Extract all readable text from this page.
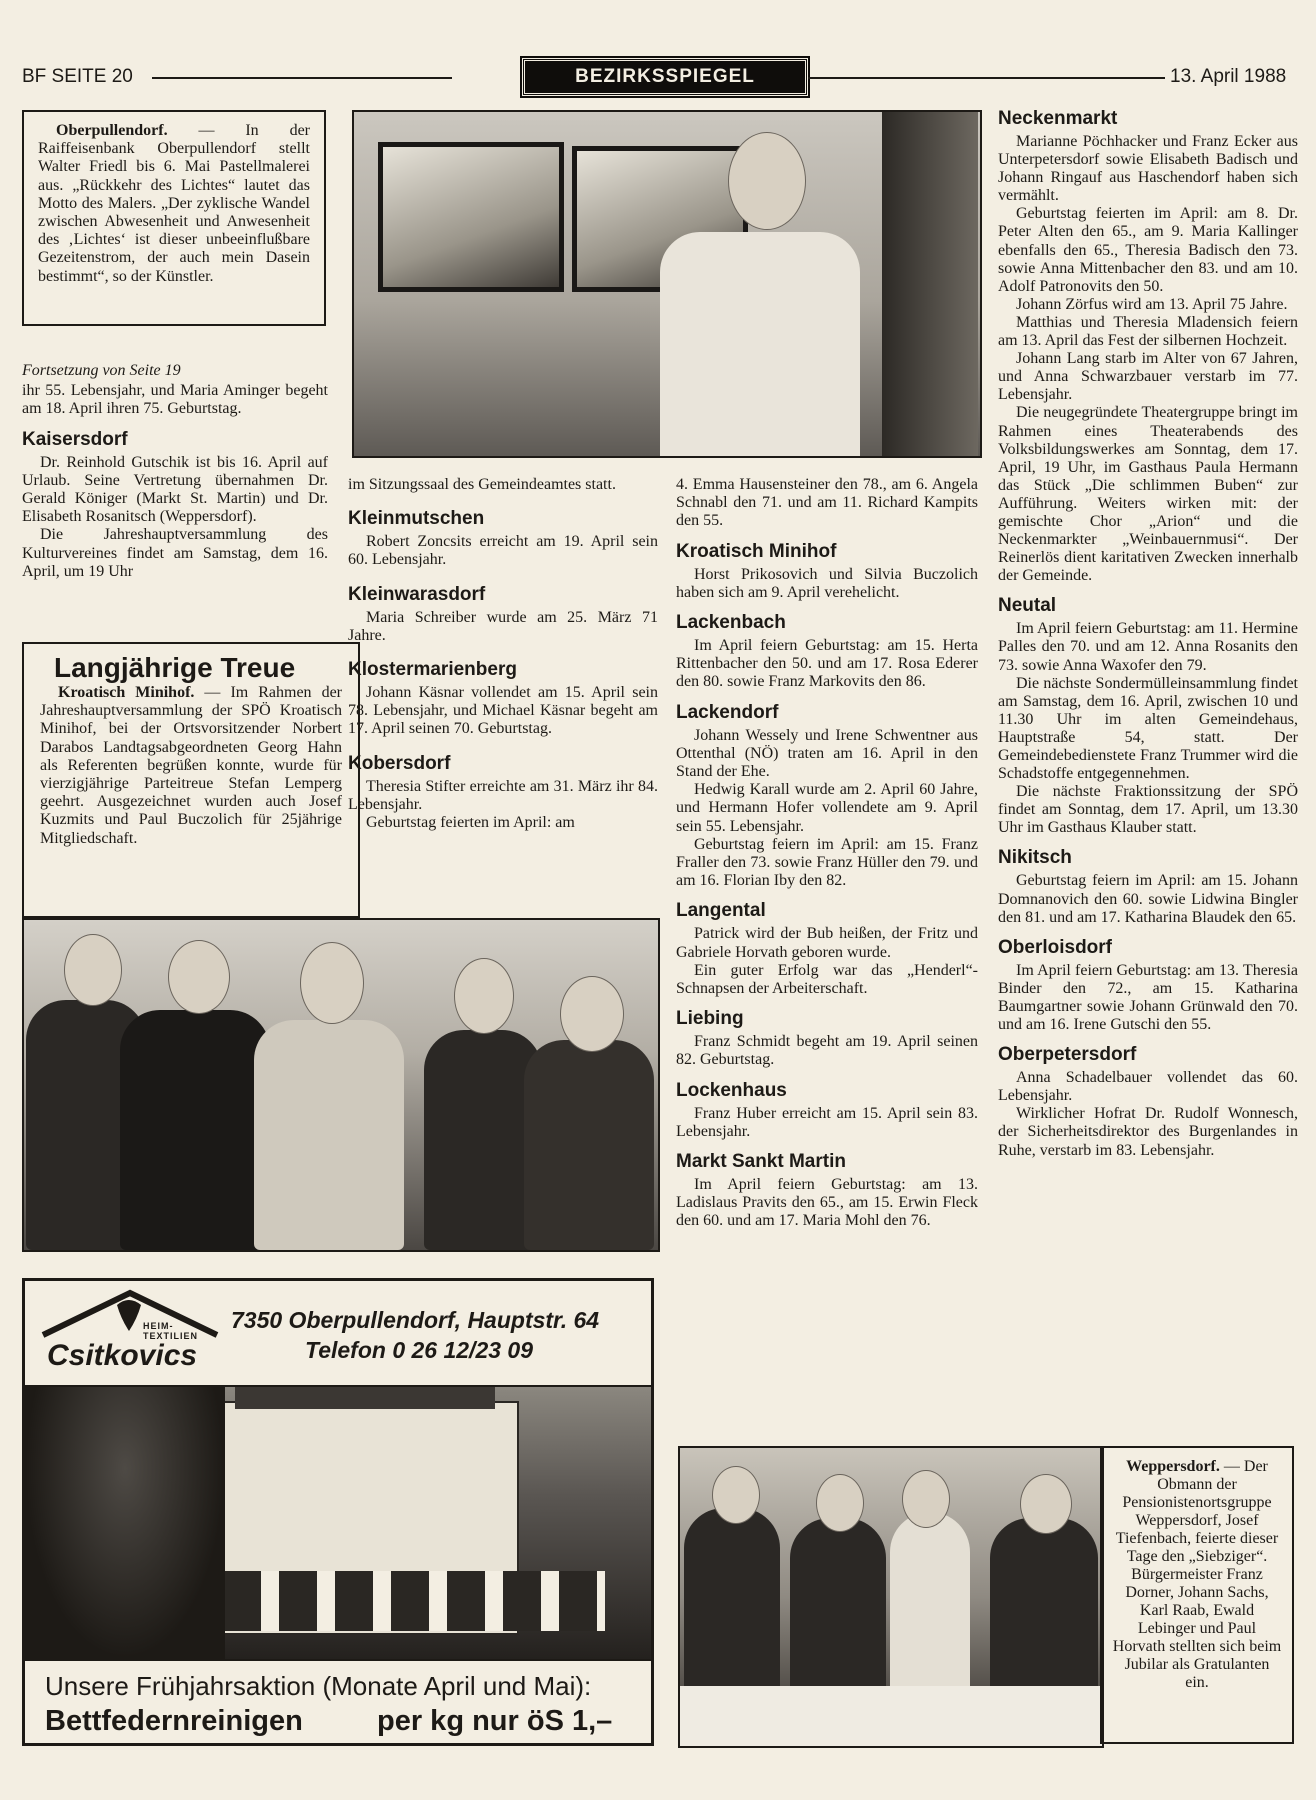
BF SEITE 20	BEZIRKSSPIEGEL	13. April 1988

Oberpullendorf. — In der Raiffeisenbank Oberpullendorf stellt Walter Friedl bis 6. Mai Pastellmalerei aus. „Rückkehr des Lichtes“ lautet das Motto des Malers. „Der zyklische Wandel zwischen Abwesenheit und Anwesenheit des ‚Lichtes‘ ist dieser unbeeinflußbare Gezeitenstrom, der auch mein Dasein bestimmt“, so der Künstler.

Fortsetzung von Seite 19

ihr 55. Lebensjahr, und Maria Aminger begeht am 18. April ihren 75. Geburtstag.

Kaisersdorf

Dr. Reinhold Gutschik ist bis 16. April auf Urlaub. Seine Vertretung übernahmen Dr. Gerald Königer (Markt St. Martin) und Dr. Elisabeth Rosanitsch (Weppersdorf).

Die Jahreshauptversammlung des Kulturvereines findet am Samstag, dem 16. April, um 19 Uhr

Langjährige Treue

Kroatisch Minihof. — Im Rahmen der Jahreshauptversammlung der SPÖ Kroatisch Minihof, bei der Ortsvorsitzender Norbert Darabos Landtagsabgeordneten Georg Hahn als Referenten begrüßen konnte, wurde für vierzigjährige Parteitreue Stefan Lemperg geehrt. Ausgezeichnet wurden auch Josef Kuzmits und Paul Buczolich für 25jährige Mitgliedschaft.

im Sitzungssaal des Gemeindeamtes statt.

Kleinmutschen

Robert Zoncsits erreicht am 19. April sein 60. Lebensjahr.

Kleinwarasdorf

Maria Schreiber wurde am 25. März 71 Jahre.

Klostermarienberg

Johann Käsnar vollendet am 15. April sein 78. Lebensjahr, und Michael Käsnar begeht am 17. April seinen 70. Geburtstag.

Kobersdorf

Theresia Stifter erreichte am 31. März ihr 84. Lebensjahr.

Geburtstag feierten im April: am

4. Emma Hausensteiner den 78., am 6. Angela Schnabl den 71. und am 11. Richard Kampits den 55.

Kroatisch Minihof

Horst Prikosovich und Silvia Buczolich haben sich am 9. April verehelicht.

Lackenbach

Im April feiern Geburtstag: am 15. Herta Rittenbacher den 50. und am 17. Rosa Ederer den 80. sowie Franz Markovits den 86.

Lackendorf

Johann Wessely und Irene Schwentner aus Ottenthal (NÖ) traten am 16. April in den Stand der Ehe.

Hedwig Karall wurde am 2. April 60 Jahre, und Hermann Hofer vollendete am 9. April sein 55. Lebensjahr.

Geburtstag feiern im April: am 15. Franz Fraller den 73. sowie Franz Hüller den 79. und am 16. Florian Iby den 82.

Langental

Patrick wird der Bub heißen, der Fritz und Gabriele Horvath geboren wurde.

Ein guter Erfolg war das „Henderl“-Schnapsen der Arbeiterschaft.

Liebing

Franz Schmidt begeht am 19. April seinen 82. Geburtstag.

Lockenhaus

Franz Huber erreicht am 15. April sein 83. Lebensjahr.

Markt Sankt Martin

Im April feiern Geburtstag: am 13. Ladislaus Pravits den 65., am 15. Erwin Fleck den 60. und am 17. Maria Mohl den 76.

Neckenmarkt

Marianne Pöchhacker und Franz Ecker aus Unterpetersdorf sowie Elisabeth Badisch und Johann Ringauf aus Haschendorf haben sich vermählt.

Geburtstag feierten im April: am 8. Dr. Peter Alten den 65., am 9. Maria Kallinger ebenfalls den 65., Theresia Badisch den 73. sowie Anna Mittenbacher den 83. und am 10. Adolf Patronovits den 50.

Johann Zörfus wird am 13. April 75 Jahre.

Matthias und Theresia Mladensich feiern am 13. April das Fest der silbernen Hochzeit.

Johann Lang starb im Alter von 67 Jahren, und Anna Schwarzbauer verstarb im 77. Lebensjahr.

Die neugegründete Theatergruppe bringt im Rahmen eines Theaterabends des Volksbildungswerkes am Sonntag, dem 17. April, 19 Uhr, im Gasthaus Paula Hermann das Stück „Die schlimmen Buben“ zur Aufführung. Weiters wirken mit: der gemischte Chor „Arion“ und die Neckenmarkter „Weinbauernmusi“. Der Reinerlös dient karitativen Zwecken innerhalb der Gemeinde.

Neutal

Im April feiern Geburtstag: am 11. Hermine Palles den 70. und am 12. Anna Rosanits den 73. sowie Anna Waxofer den 79.

Die nächste Sondermülleinsammlung findet am Samstag, dem 16. April, zwischen 10 und 11.30 Uhr im alten Gemeindehaus, Hauptstraße 54, statt. Der Gemeindebedienstete Franz Trummer wird die Schadstoffe entgegennehmen.

Die nächste Fraktionssitzung der SPÖ findet am Sonntag, dem 17. April, um 13.30 Uhr im Gasthaus Klauber statt.

Nikitsch

Geburtstag feiern im April: am 15. Johann Domnanovich den 60. sowie Lidwina Bingler den 81. und am 17. Katharina Blaudek den 65.

Oberloisdorf

Im April feiern Geburtstag: am 13. Theresia Binder den 72., am 15. Katharina Baumgartner sowie Johann Grünwald den 70. und am 16. Irene Gutschi den 55.

Oberpetersdorf

Anna Schadelbauer vollendet das 60. Lebensjahr.

Wirklicher Hofrat Dr. Rudolf Wonnesch, der Sicherheitsdirektor des Burgenlandes in Ruhe, verstarb im 83. Lebensjahr.

HEIM-TEXTILIEN
Csitkovics
7350 Oberpullendorf, Hauptstr. 64
Telefon 0 26 12/23 09
Unsere Frühjahrsaktion (Monate April und Mai):
Bettfedernreinigen	per kg nur öS 1,–
Weppersdorf. — Der Obmann der Pensionistenortsgruppe Weppersdorf, Josef Tiefenbach, feierte dieser Tage den „Siebziger“. Bürgermeister Franz Dorner, Johann Sachs, Karl Raab, Ewald Lebinger und Paul Horvath stellten sich beim Jubilar als Gratulanten ein.
